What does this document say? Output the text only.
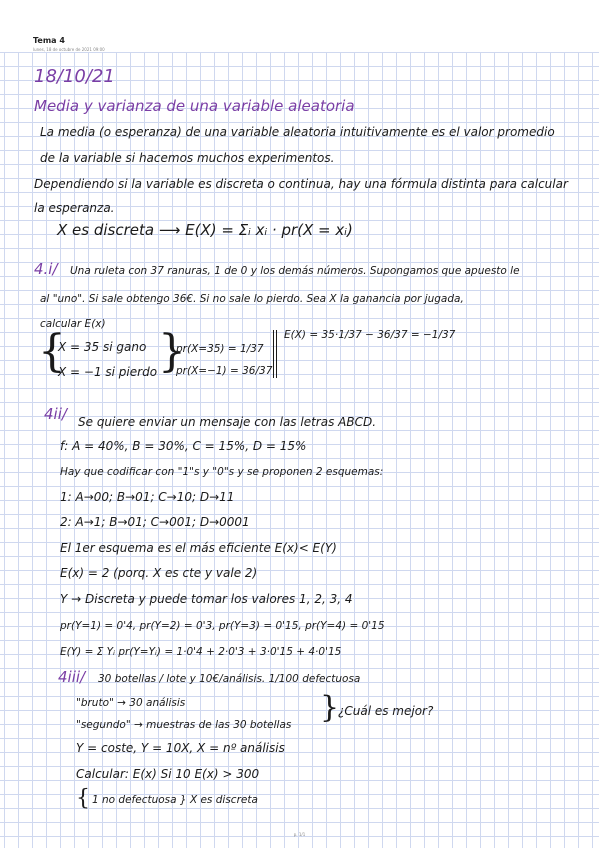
Tema 4
lunes, 18 de octubre de 2021 09:00
18/10/21
Media y varianza de una variable aleatoria
La media (o esperanza) de una variable aleatoria intuitivamente es el valor promedio
de la variable si hacemos muchos experimentos.
Dependiendo si la variable es discreta o continua, hay una fórmula distinta para calcular
la esperanza.
X es discreta ⟶ E(X) = Σᵢ xᵢ · pr(X = xᵢ)
4.i/ Una ruleta con 37 ranuras, 1 de 0 y los demás números. Supongamos que apuesto le
al "uno". Si sale obtengo 36€. Si no sale lo pierdo. Sea X la ganancia por jugada,
calcular E(x)
{
X = 35 si gano
X = −1 si pierdo }
pr(X=35) = 1/37
pr(X=−1) = 36/37
E(X) = 35·1/37 − 36/37 = −1/37
4ii/ Se quiere enviar un mensaje con las letras ABCD.
f: A = 40%, B = 30%, C = 15%, D = 15%
Hay que codificar con "1"s y "0"s y se proponen 2 esquemas:
1: A→00; B→01; C→10; D→11
2: A→1; B→01; C→001; D→0001
El 1er esquema es el más eficiente E(x)< E(Y)
E(x) = 2 (porq. X es cte y vale 2)
Y → Discreta y puede tomar los valores 1, 2, 3, 4
pr(Y=1) = 0'4, pr(Y=2) = 0'3, pr(Y=3) = 0'15, pr(Y=4) = 0'15
E(Y) = Σ Yᵢ pr(Y=Yᵢ) = 1·0'4 + 2·0'3 + 3·0'15 + 4·0'15
4iii/ 30 botellas / lote y 10€/análisis. 1/100 defectuosa
"bruto" → 30 análisis
"segundo" → muestras de las 30 botellas }
¿Cuál es mejor?
Y = coste, Y = 10X, X = nº análisis
Calcular: E(x) Si 10 E(x) > 300
{ 1 no defectuosa } X es discreta
p. 1/1
